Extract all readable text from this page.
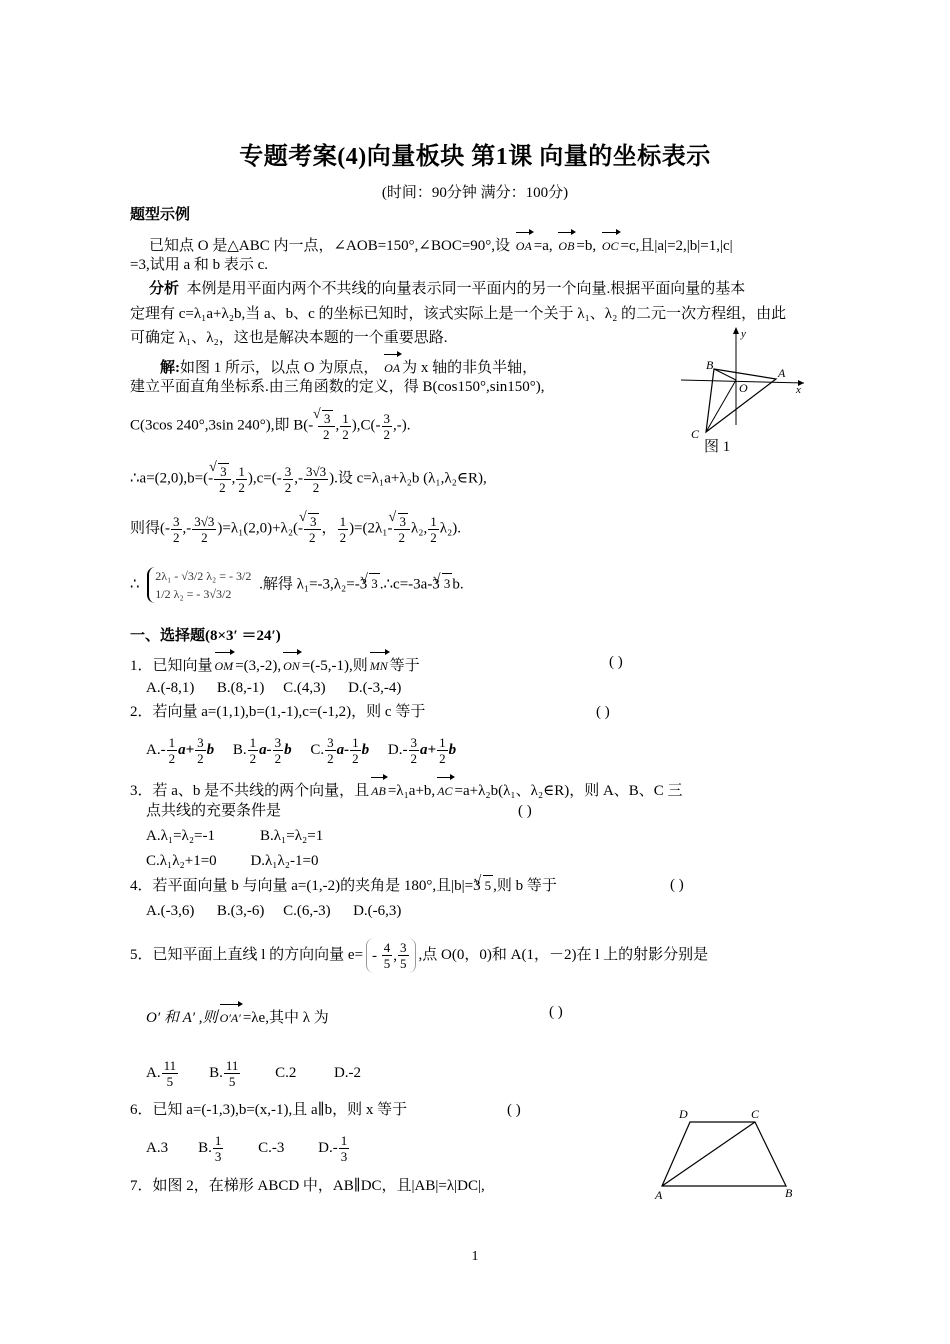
专题考案(4)向量板块 第1课 向量的坐标表示
(时间：90分钟 满分：100分)
题型示例
已知点 O 是△ABC 内一点，∠AOB=150°,∠BOC=90°,设 OA =a, OB =b, OC =c,且|a|=2,|b|=1,|c|
=3,试用 a 和 b 表示 c.
分析 本例是用平面内两个不共线的向量表示同一平面内的另一个向量.根据平面向量的基本
定理有 c=λ₁a+λ₂b,当 a、b、c 的坐标已知时，该式实际上是一个关于 λ₁、λ₂ 的二元一次方程组，由此
可确定 λ₁、λ₂，这也是解决本题的一个重要思路.
解:如图 1 所示，以点 O 为原点， OA 为 x 轴的非负半轴，
建立平面直角坐标系.由三角函数的定义，得 B(cos150°,sin150°),
C(3cos 240°,3sin 240°),即 B(- √ $\frac{3}{2}$ , $\frac{1}{2} ),C(- \frac{3}{2}$ ,-).
∴a=(2,0),b=(- √ $\frac{3}{2}$ , $\frac{1}{2} ),c=(- \frac{3}{2}$ ,- $\frac{3√3}{2}$ ).设 c=λ₁a+λ₂b (λ₁,λ₂∈R),
则得(- $\frac{3}{2}$ ,- $\frac{3√3}{2} )=\lambda_1(2,0)+\lambda_2(-$ √ $\frac{3}{2}$ ， $\frac{1}{2} )=(2\lambda_1-$ √ $\frac{3}{2} \lambda_2$, $\frac{1}{2} \lambda_2$).
∴ 2λ₁ - √3/2 λ₂ = - 3/2
1/2 λ₂ = - 3√3/2 .解得 λ₁=-3,λ₂=-3 √ 3 .∴c=-3a-3 √ 3 b.
y
B
A
O	x
C
图 1
一、选择题(8×3′ ＝24′)
1．已知向量 OM =(3,-2), ON =(-5,-1),则 MN 等于	( )
A.(-8,1) B.(8,-1) C.(4,3) D.(-3,-4)
2．若向量 a=(1,1),b=(1,-1),c=(-1,2)，则 c 等于	( )
$A.- \frac{1}{2} a+ \frac{3}{2}$ b B. $\frac{1}{2} a- \frac{3}{2}$ b C. $\frac{3}{2} a- \frac{1}{2}$ b $D.- \frac{3}{2} a+ \frac{1}{2}$ b
3．若 a、b 是不共线的两个向量，且 AB =λ₁a+b, AC =a+λ₂b(λ₁、λ₂∈R)，则 A、B、C 三
点共线的充要条件是	( )
A.λ₁=λ₂=-1	B.λ₁=λ₂=1
C.λ₁λ₂+1=0 D.λ₁λ₂-1=0
4．若平面向量 b 与向量 a=(1,-2)的夹角是 180°,且|b|=3 √ 5 ,则 b 等于	( )
A.(-3,6) B.(3,-6) C.(6,-3) D.(-6,3)
5．已知平面上直线 l 的方向向量 e= -
$\frac{4}{5}$ , $\frac{3}{5}$ ,点 O(0，0)和 A(1，－2)在 l 上的射影分别是
O′ 和 A′ ,则 O′A′ =λe,其中 λ 为	( )
A. $\frac{11}{5} B$. $\frac{11}{5} C.2$	D.-2
6．已知 a=(-1,3),b=(x,-1),且 a∥b，则 x 等于	( )
A.3 B. $\frac{1}{3} C.-3$ $D.- \frac{1}{3}$
7．如图 2，在梯形 ABCD 中，AB∥DC，且|AB|=λ|DC|,
D	C
A	B
1
